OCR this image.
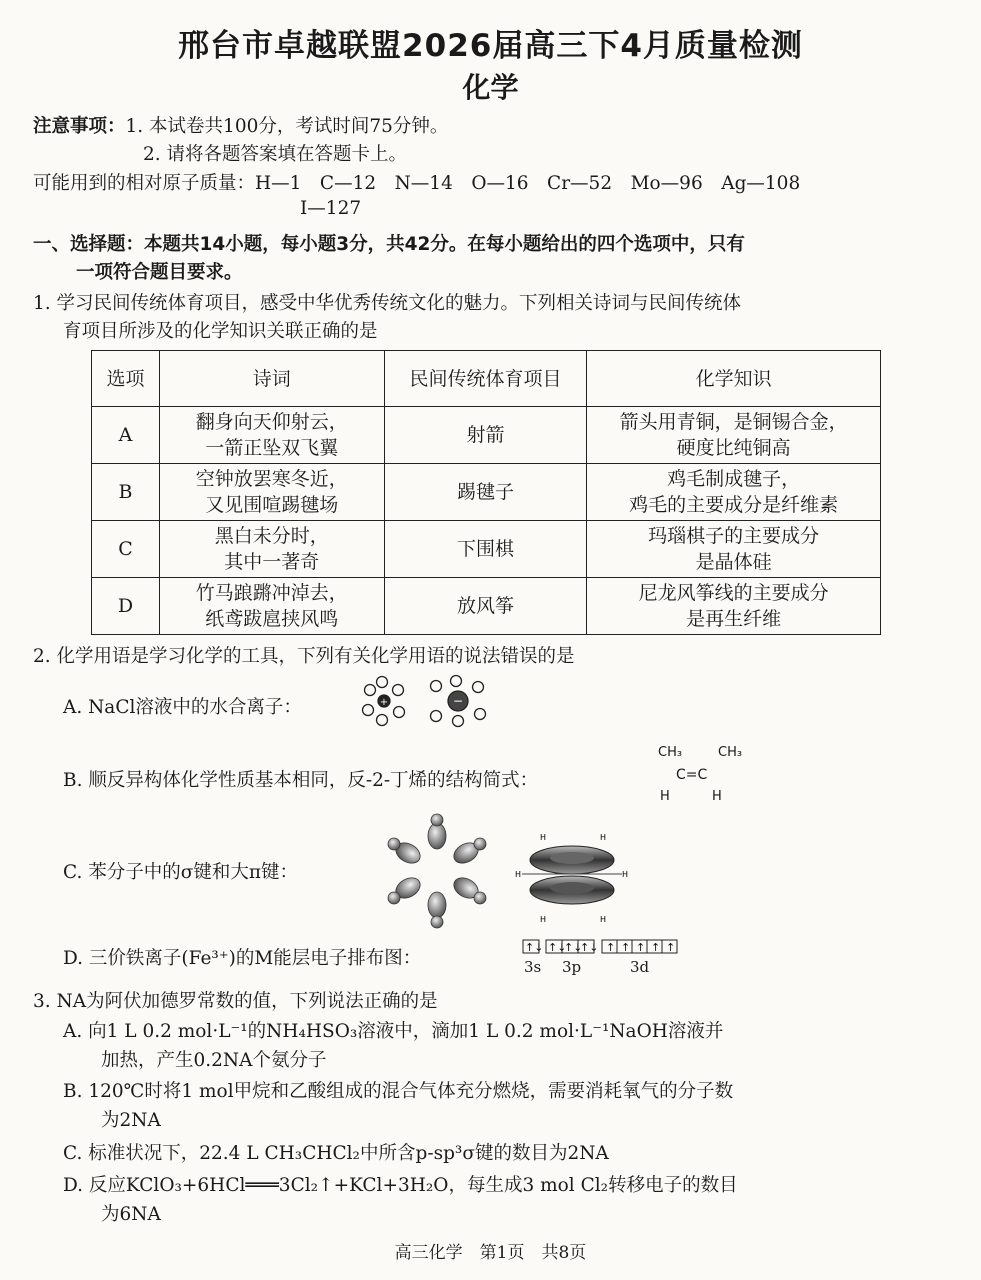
邢台市卓越联盟2026届高三下4月质量检测
化学
注意事项：1. 本试卷共100分，考试时间75分钟。
2. 请将各题答案填在答题卡上。
可能用到的相对原子质量：H—1　C—12　N—14　O—16　Cr—52　Mo—96　Ag—108
I—127
一、选择题：本题共14小题，每小题3分，共42分。在每小题给出的四个选项中，只有
一项符合题目要求。
1. 学习民间传统体育项目，感受中华优秀传统文化的魅力。下列相关诗词与民间传统体
育项目所涉及的化学知识关联正确的是
选项	诗词	民间传统体育项目	化学知识
A	翻身向天仰射云，
一箭正坠双飞翼	射箭	箭头用青铜，是铜锡合金，
硬度比纯铜高

B	空钟放罢寒冬近，
又见围喧踢毽场	踢毽子	鸡毛制成毽子，
鸡毛的主要成分是纤维素

C	黑白未分时，
其中一著奇	下围棋	玛瑙棋子的主要成分
是晶体硅

D	竹马踉蹡冲淖去，
纸鸢跋扈挟风鸣	放风筝	尼龙风筝线的主要成分
是再生纤维
2. 化学用语是学习化学的工具，下列有关化学用语的说法错误的是
A. NaCl溶液中的水合离子：	+	−
B. 顺反异构体化学性质基本相同，反-2-丁烯的结构简式：
CH₃	CH₃
C=C
H	H
C. 苯分子中的σ键和大π键：	H	H
H	H
H	H
D. 三价铁离子(Fe³⁺)的M能层电子排布图：
↑↓ ↑↓
↑↓
↑↓ ↑ ↑ ↑ ↑ ↑
3s 3p	3d
3. NA为阿伏加德罗常数的值，下列说法正确的是
A. 向1 L 0.2 mol·L⁻¹的NH₄HSO₃溶液中，滴加1 L 0.2 mol·L⁻¹NaOH溶液并
加热，产生0.2NA个氨分子
B. 120℃时将1 mol甲烷和乙酸组成的混合气体充分燃烧，需要消耗氧气的分子数
为2NA
C. 标准状况下，22.4 L CH₃CHCl₂中所含p-sp³σ键的数目为2NA
D. 反应KClO₃+6HCl═══3Cl₂↑+KCl+3H₂O，每生成3 mol Cl₂转移电子的数目
为6NA
高三化学　第1页　共8页
